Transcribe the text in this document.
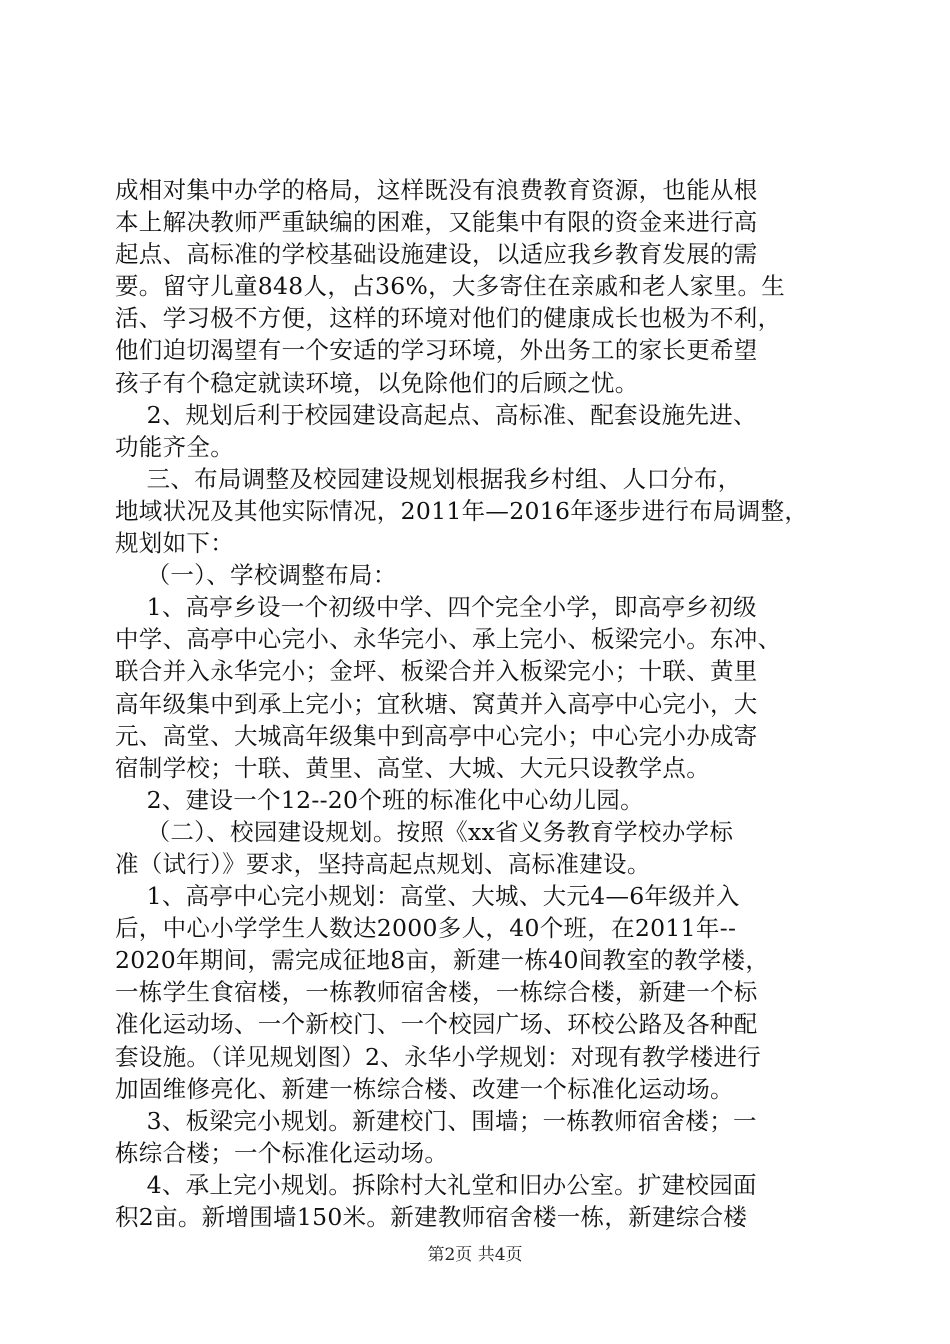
成相对集中办学的格局，这样既没有浪费教育资源，也能从根
本上解决教师严重缺编的困难，又能集中有限的资金来进行高
起点、高标准的学校基础设施建设，以适应我乡教育发展的需
要。留守儿童848人，占36%，大多寄住在亲戚和老人家里。生
活、学习极不方便，这样的环境对他们的健康成长也极为不利，
他们迫切渴望有一个安适的学习环境，外出务工的家长更希望
孩子有个稳定就读环境，以免除他们的后顾之忧。
　 2、规划后利于校园建设高起点、高标准、配套设施先进、
功能齐全。
　 三、布局调整及校园建设规划根据我乡村组、人口分布，
地域状况及其他实际情况，2011年—2016年逐步进行布局调整，
规划如下：
　 （一）、学校调整布局：
　 1、高亭乡设一个初级中学、四个完全小学，即高亭乡初级
中学、高亭中心完小、永华完小、承上完小、板梁完小。东冲、
联合并入永华完小；金坪、板梁合并入板梁完小；十联、黄里
高年级集中到承上完小；宜秋塘、窝黄并入高亭中心完小，大
元、高堂、大城高年级集中到高亭中心完小；中心完小办成寄
宿制学校；十联、黄里、高堂、大城、大元只设教学点。
　 2、建设一个12--20个班的标准化中心幼儿园。
　 （二）、校园建设规划。按照《xx省义务教育学校办学标
准（试行）》要求，坚持高起点规划、高标准建设。
　 1、高亭中心完小规划：高堂、大城、大元4—6年级并入
后，中心小学学生人数达2000多人，40个班，在2011年--
2020年期间，需完成征地8亩，新建一栋40间教室的教学楼，
一栋学生食宿楼，一栋教师宿舍楼，一栋综合楼，新建一个标
准化运动场、一个新校门、一个校园广场、环校公路及各种配
套设施。（详见规划图）2、永华小学规划：对现有教学楼进行
加固维修亮化、新建一栋综合楼、改建一个标准化运动场。
　 3、板梁完小规划。新建校门、围墙；一栋教师宿舍楼；一
栋综合楼；一个标准化运动场。
　 4、承上完小规划。拆除村大礼堂和旧办公室。扩建校园面
积2亩。新增围墙150米。新建教师宿舍楼一栋，新建综合楼
第2页 共4页
